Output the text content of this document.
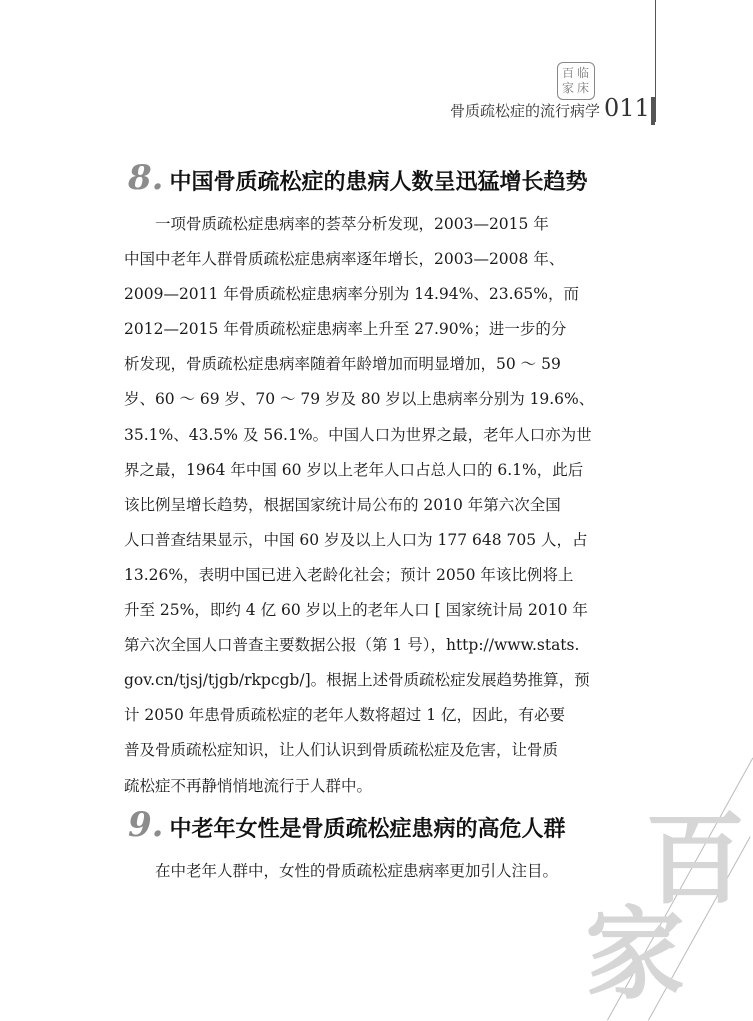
百 临
家 床
骨质疏松症的流行病学 011
8. 中国骨质疏松症的患病人数呈迅猛增长趋势
　　一项骨质疏松症患病率的荟萃分析发现，2003—2015 年
中国中老年人群骨质疏松症患病率逐年增长，2003—2008 年、
2009—2011 年骨质疏松症患病率分别为 14.94%、23.65%，而
2012—2015 年骨质疏松症患病率上升至 27.90%；进一步的分
析发现，骨质疏松症患病率随着年龄增加而明显增加，50 ～ 59
岁、60 ～ 69 岁、70 ～ 79 岁及 80 岁以上患病率分别为 19.6%、
35.1%、43.5% 及 56.1%。中国人口为世界之最，老年人口亦为世
界之最，1964 年中国 60 岁以上老年人口占总人口的 6.1%，此后
该比例呈增长趋势，根据国家统计局公布的 2010 年第六次全国
人口普查结果显示，中国 60 岁及以上人口为 177 648 705 人，占
13.26%，表明中国已进入老龄化社会；预计 2050 年该比例将上
升至 25%，即约 4 亿 60 岁以上的老年人口 [ 国家统计局 2010 年
第六次全国人口普查主要数据公报（第 1 号），http://www.stats.
gov.cn/tjsj/tjgb/rkpcgb/]。根据上述骨质疏松症发展趋势推算，预
计 2050 年患骨质疏松症的老年人数将超过 1 亿，因此，有必要
普及骨质疏松症知识，让人们认识到骨质疏松症及危害，让骨质
疏松症不再静悄悄地流行于人群中。
9. 中老年女性是骨质疏松症患病的高危人群
　　在中老年人群中，女性的骨质疏松症患病率更加引人注目。 百
家
